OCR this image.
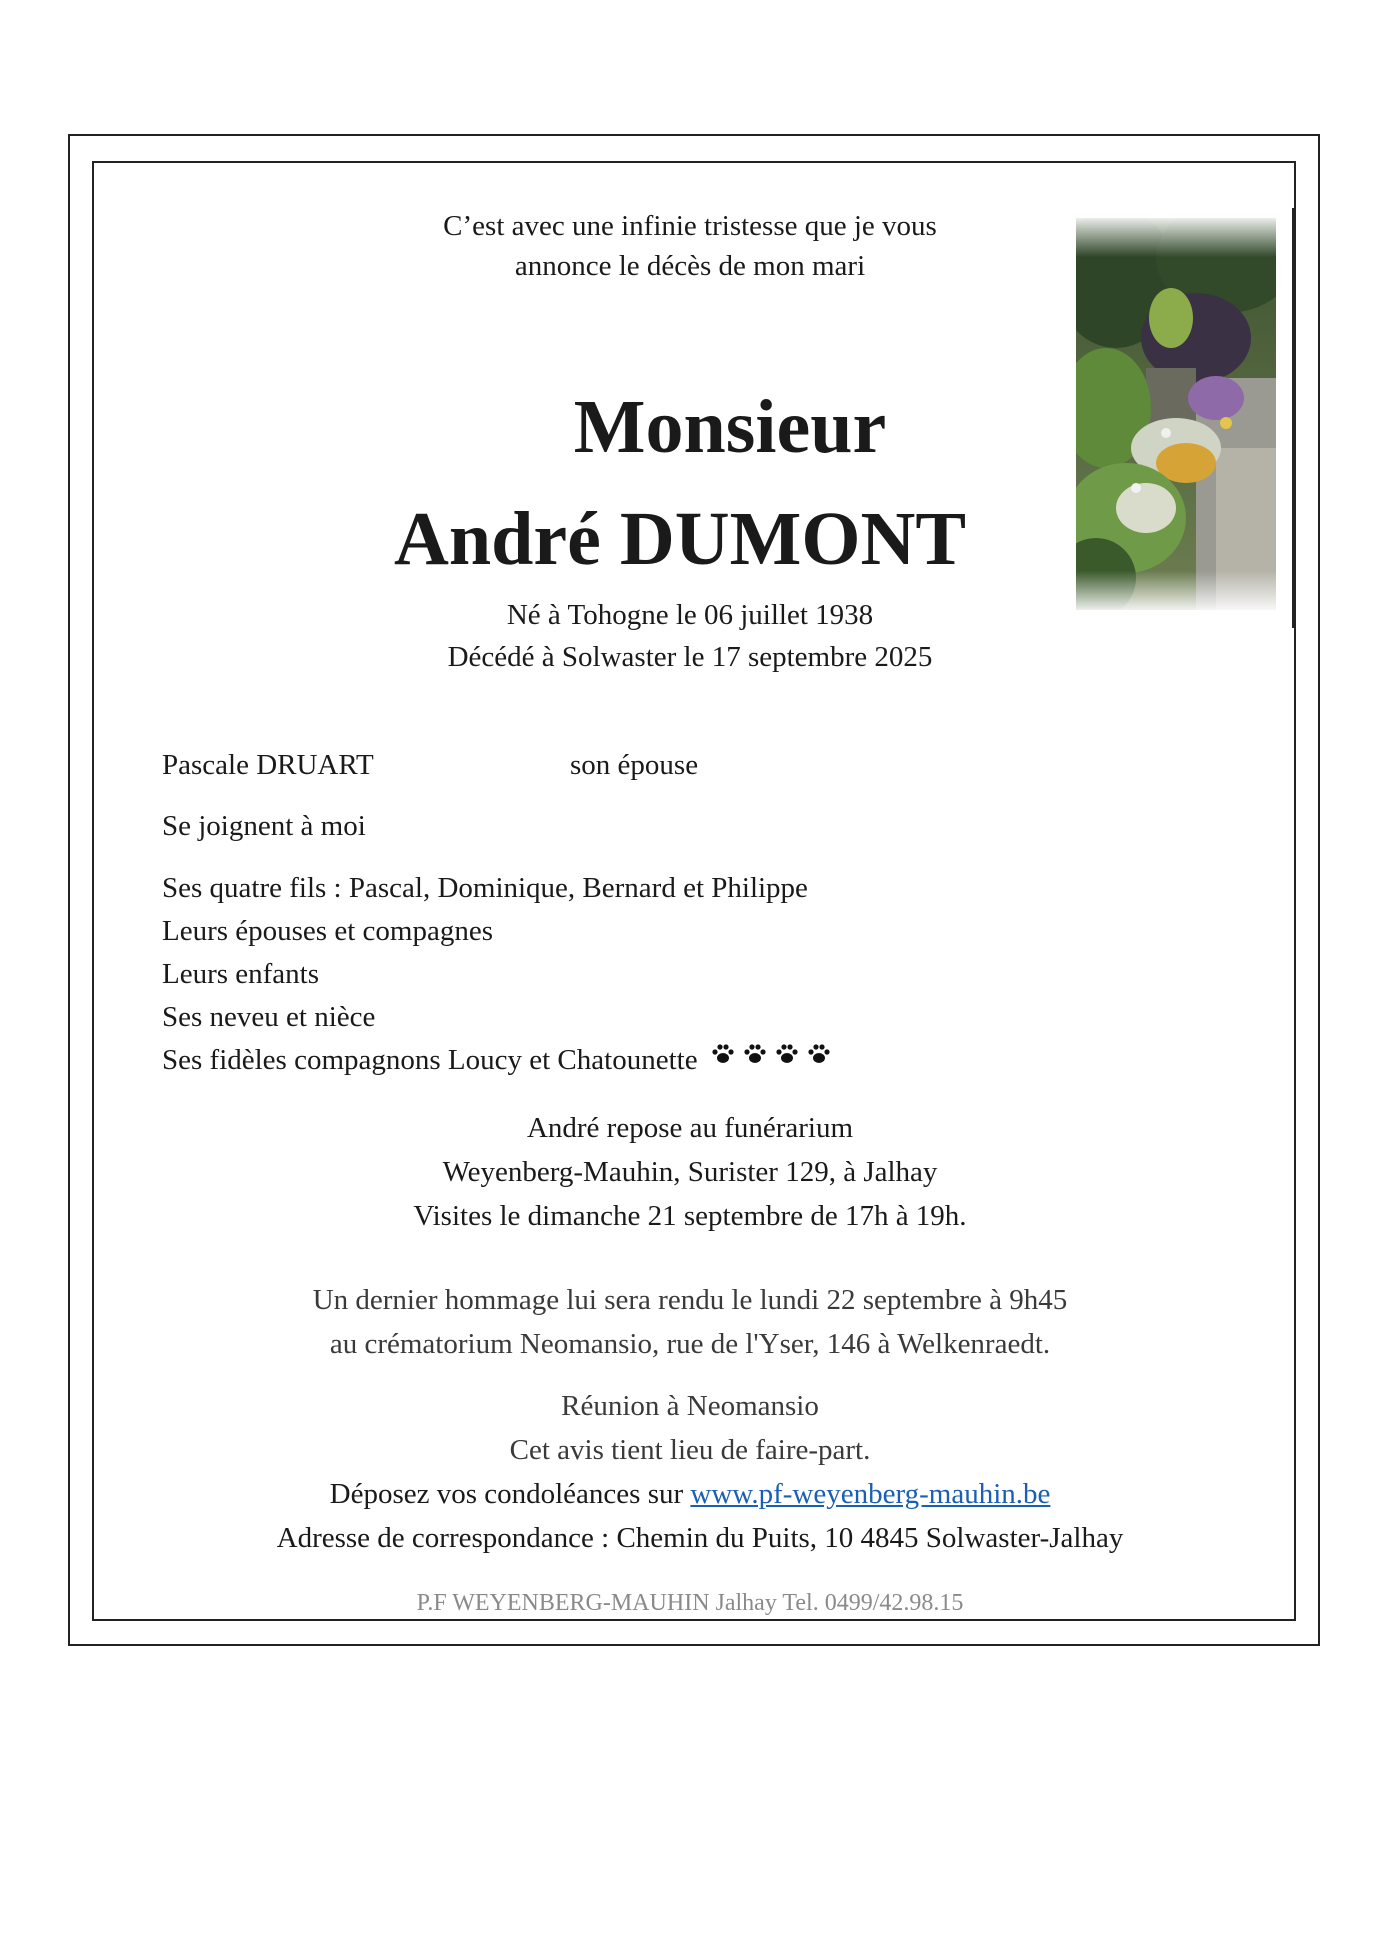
C’est avec une infinie tristesse que je vous
annonce le décès de mon mari
Monsieur
André DUMONT
Né à Tohogne le 06 juillet 1938
Décédé à Solwaster le 17 septembre 2025
Pascale DRUART	son épouse
Se joignent à moi
Ses quatre fils : Pascal, Dominique, Bernard et Philippe
Leurs épouses et compagnes
Leurs enfants
Ses neveu et nièce
Ses fidèles compagnons Loucy et Chatounette
André repose au funérarium
Weyenberg-Mauhin, Surister 129, à Jalhay
Visites le dimanche 21 septembre de 17h à 19h.
Un dernier hommage lui sera rendu le lundi 22 septembre à 9h45
au crématorium Neomansio, rue de l'Yser, 146 à Welkenraedt.
Réunion à Neomansio
Cet avis tient lieu de faire-part.
Déposez vos condoléances sur www.pf-weyenberg-mauhin.be
Adresse de correspondance : Chemin du Puits, 10 4845 Solwaster-Jalhay
P.F WEYENBERG-MAUHIN Jalhay Tel. 0499/42.98.15
